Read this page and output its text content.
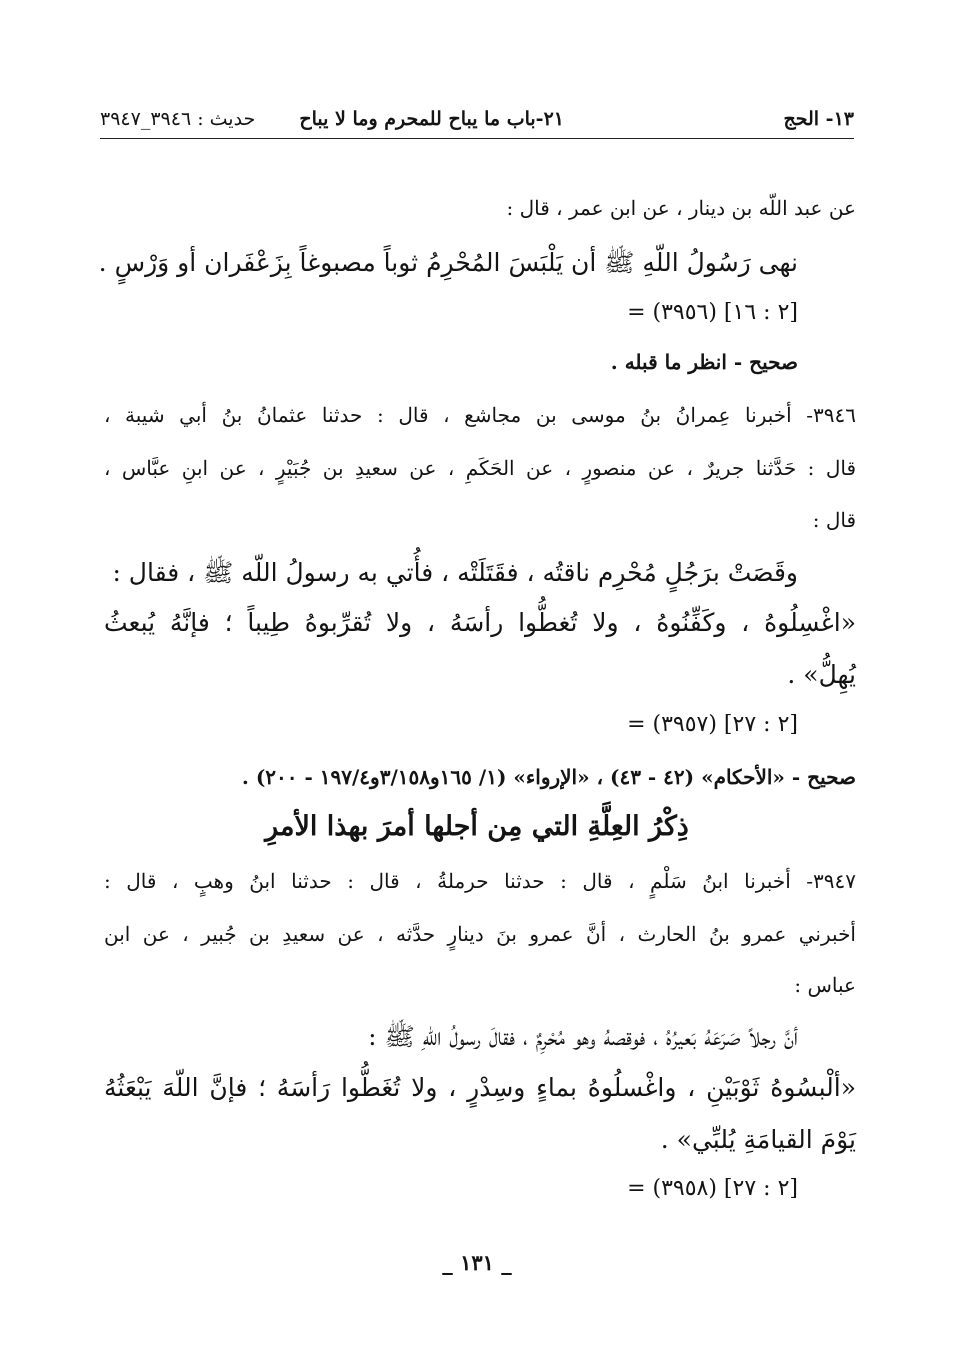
١٣- الحج
٢١-باب ما يباح للمحرم وما لا يباح
حديث : ٣٩٤٦_٣٩٤٧
عن عبد اللّه بن دينار ، عن ابن عمر ، قال :
نهى رَسُولُ اللّهِ ﷺ أن يَلْبَسَ المُحْرِمُ ثوباً مصبوغاً بِزَعْفَران أو وَرْسٍ .
= (٣٩٥٦) [٢ : ١٦]
صحيح - انظر ما قبله .
٣٩٤٦- أخبرنا عِمرانُ بنُ موسى بن مجاشع ، قال : حدثنا عثمانُ بنُ أبي شيبة ،
قال : حَدَّثنا جريرٌ ، عن منصورٍ ، عن الحَكَمِ ، عن سعيدِ بن جُبَيْرٍ ، عن ابنِ عبَّاس ،
قال :
وقَصَتْ برَجُلٍ مُحْرِم ناقتُه ، فقَتَلَتْه ، فأُتي به رسولُ اللّه ﷺ ، فقال :
«اغْسِلُوهُ ، وكَفِّنُوهُ ، ولا تُغطُّوا رأسَهُ ، ولا تُقرِّبوهُ طِيباً ؛ فإنَّهُ يُبعثُ
يُهِلُّ» .
= (٣٩٥٧) [٢ : ٢٧]
صحيح - «الأحكام» (٤٢ - ٤٣) ، «الإرواء» (١/ ١٦٥و٣/١٥٨و١٩٧/٤ - ٢٠٠) .
ذِكْرُ العِلَّةِ التي مِن أجلها أمرَ بهذا الأمرِ
٣٩٤٧- أخبرنا ابنُ سَلْمٍ ، قال : حدثنا حرملةُ ، قال : حدثنا ابنُ وهبٍ ، قال :
أخبرني عمرو بنُ الحارث ، أنَّ عمرو بنَ دينارٍ حدَّثه ، عن سعيدِ بن جُبير ، عن ابن
عباس :
أنَّ رجلاً صَرَعَهُ بَعيرُهُ ، فوقصهُ وهو مُحْرِمٌ ، فقالَ رسولُ اللّهِ ﷺ :
«ألْبسُوهُ ثَوْبَيْنِ ، واغْسلُوهُ بماءٍ وسِدْرٍ ، ولا تُغَطُّوا رَأسَهُ ؛ فإنَّ اللّهَ يَبْعَثُهُ
يَوْمَ القيامَةِ يُلبِّي» .
= (٣٩٥٨) [٢ : ٢٧]
_ ١٣١ _
